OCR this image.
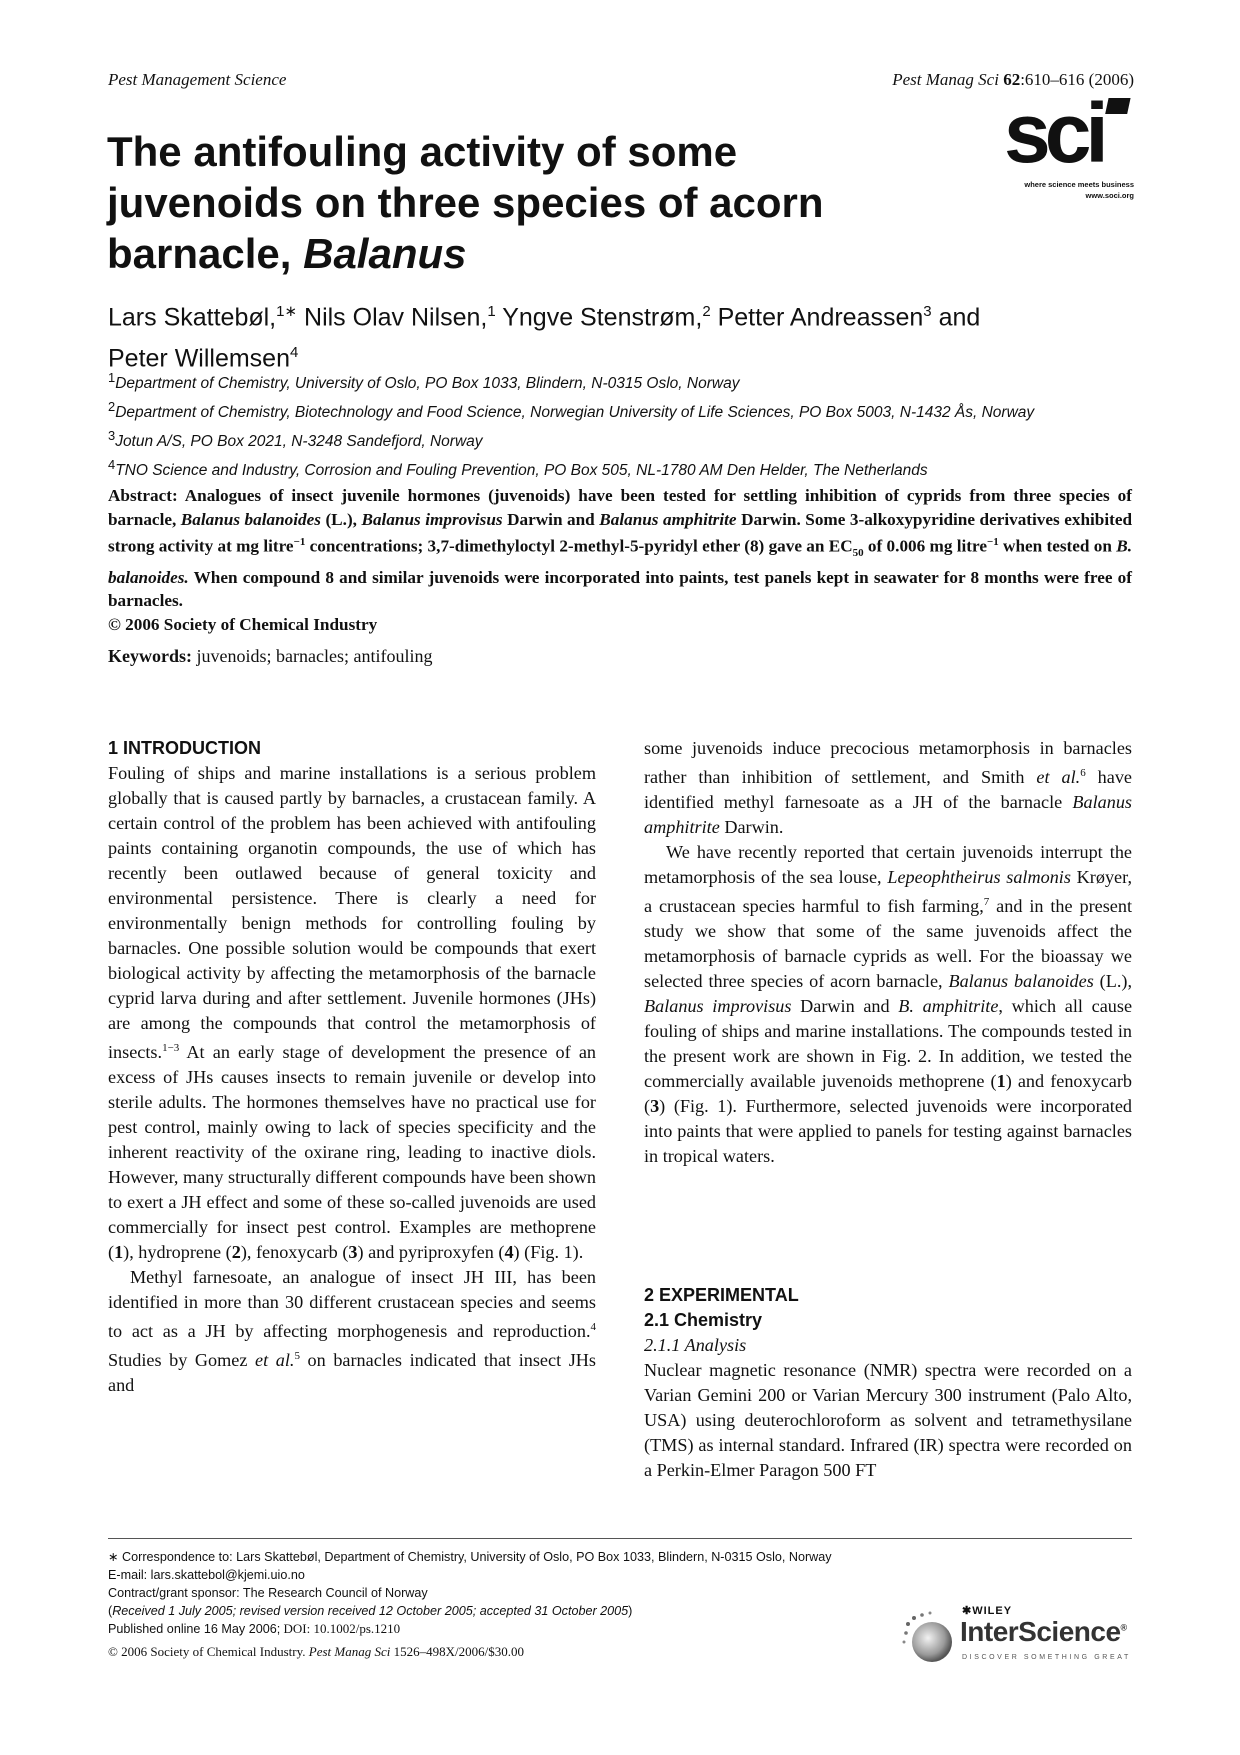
Pest Management Science	Pest Manag Sci 62:610–616 (2006)
sci
where science meets business
www.soci.org
The antifouling activity of some
juvenoids on three species of acorn
barnacle, Balanus
Lars Skattebøl,$^{1∗}$ Nils Olav Nilsen,$^1$ Yngve Stenstrøm,$^2$ Petter Andreassen$^3$ and
Peter Willemsen$^4$
$^1$Department of Chemistry, University of Oslo, PO Box 1033, Blindern, N-0315 Oslo, Norway
$^2$Department of Chemistry, Biotechnology and Food Science, Norwegian University of Life Sciences, PO Box 5003, N-1432 Ås, Norway
$^3$Jotun A/S, PO Box 2021, N-3248 Sandefjord, Norway
$^4$TNO Science and Industry, Corrosion and Fouling Prevention, PO Box 505, NL-1780 AM Den Helder, The Netherlands
Abstract: Analogues of insect juvenile hormones (juvenoids) have been tested for settling inhibition of cyprids from three species of barnacle, Balanus balanoides (L.), Balanus improvisus Darwin and Balanus amphitrite Darwin. Some 3-alkoxypyridine derivatives exhibited strong activity at mg litre$^{-1}$ concentrations; 3,7-dimethyloctyl 2-methyl-5-pyridyl ether (8) gave an $EC_{50}$ of 0.006 mg litre$^{-1}$ when tested on B. balanoides. When compound 8 and similar juvenoids were incorporated into paints, test panels kept in seawater for 8 months were free of barnacles.
© 2006 Society of Chemical Industry
Keywords: juvenoids; barnacles; antifouling
1 INTRODUCTION

Fouling of ships and marine installations is a serious problem globally that is caused partly by barnacles, a crustacean family. A certain control of the problem has been achieved with antifouling paints containing organotin compounds, the use of which has recently been outlawed because of general toxicity and environmental persistence. There is clearly a need for environmentally benign methods for controlling fouling by barnacles. One possible solution would be compounds that exert biological activity by affecting the metamorphosis of the barnacle cyprid larva during and after settlement. Juvenile hormones (JHs) are among the compounds that control the metamorphosis of insects.$^{1-3}$ At an early stage of development the presence of an excess of JHs causes insects to remain juvenile or develop into sterile adults. The hormones themselves have no practical use for pest control, mainly owing to lack of species specificity and the inherent reactivity of the oxirane ring, leading to inactive diols. However, many structurally different compounds have been shown to exert a JH effect and some of these so-called juvenoids are used commercially for insect pest control. Examples are methoprene (1), hydroprene (2), fenoxycarb (3) and pyriproxyfen (4) (Fig. 1).

Methyl farnesoate, an analogue of insect JH III, has been identified in more than 30 different crustacean species and seems to act as a JH by affecting morphogenesis and reproduction.$^4$ Studies by Gomez et al.$^5$ on barnacles indicated that insect JHs and

some juvenoids induce precocious metamorphosis in barnacles rather than inhibition of settlement, and Smith et al.$^6$ have identified methyl farnesoate as a JH of the barnacle Balanus amphitrite Darwin.

We have recently reported that certain juvenoids interrupt the metamorphosis of the sea louse, Lepeophtheirus salmonis Krøyer, a crustacean species harmful to fish farming,$^7$ and in the present study we show that some of the same juvenoids affect the metamorphosis of barnacle cyprids as well. For the bioassay we selected three species of acorn barnacle, Balanus balanoides (L.), Balanus improvisus Darwin and B. amphitrite, which all cause fouling of ships and marine installations. The compounds tested in the present work are shown in Fig. 2. In addition, we tested the commercially available juvenoids methoprene (1) and fenoxycarb (3) (Fig. 1). Furthermore, selected juvenoids were incorporated into paints that were applied to panels for testing against barnacles in tropical waters.

2 EXPERIMENTAL
2.1 Chemistry

2.1.1 Analysis

Nuclear magnetic resonance (NMR) spectra were recorded on a Varian Gemini 200 or Varian Mercury 300 instrument (Palo Alto, USA) using deuterochloroform as solvent and tetramethysilane (TMS) as internal standard. Infrared (IR) spectra were recorded on a Perkin-Elmer Paragon 500 FT

∗ Correspondence to: Lars Skattebøl, Department of Chemistry, University of Oslo, PO Box 1033, Blindern, N-0315 Oslo, Norway
E-mail: lars.skattebol@kjemi.uio.no
Contract/grant sponsor: The Research Council of Norway
(Received 1 July 2005; revised version received 12 October 2005; accepted 31 October 2005)
Published online 16 May 2006; DOI: 10.1002/ps.1210
© 2006 Society of Chemical Industry. Pest Manag Sci 1526–498X/2006/$30.00
✱WILEY
InterScience®
DISCOVER SOMETHING GREAT
